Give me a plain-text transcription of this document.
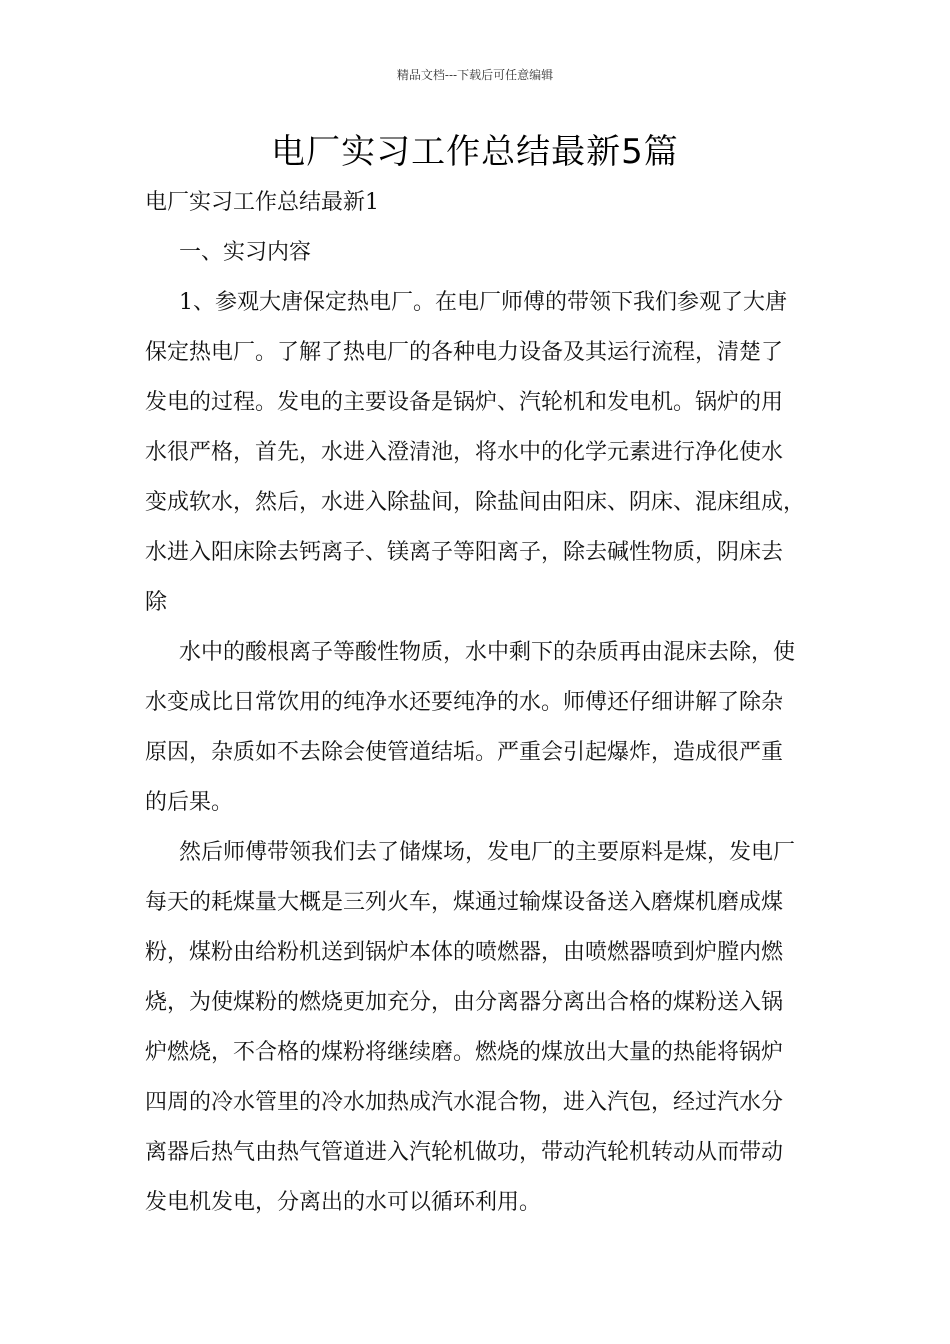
精品文档---下载后可任意编辑
电厂实习工作总结最新5篇
电厂实习工作总结最新1
一、实习内容
1、参观大唐保定热电厂。在电厂师傅的带领下我们参观了大唐
保定热电厂。了解了热电厂的各种电力设备及其运行流程，清楚了
发电的过程。发电的主要设备是锅炉、汽轮机和发电机。锅炉的用
水很严格，首先，水进入澄清池，将水中的化学元素进行净化使水
变成软水，然后，水进入除盐间，除盐间由阳床、阴床、混床组成，
水进入阳床除去钙离子、镁离子等阳离子，除去碱性物质，阴床去
除
水中的酸根离子等酸性物质，水中剩下的杂质再由混床去除，使
水变成比日常饮用的纯净水还要纯净的水。师傅还仔细讲解了除杂
原因，杂质如不去除会使管道结垢。严重会引起爆炸，造成很严重
的后果。
然后师傅带领我们去了储煤场，发电厂的主要原料是煤，发电厂
每天的耗煤量大概是三列火车，煤通过输煤设备送入磨煤机磨成煤
粉，煤粉由给粉机送到锅炉本体的喷燃器，由喷燃器喷到炉膛内燃
烧，为使煤粉的燃烧更加充分，由分离器分离出合格的煤粉送入锅
炉燃烧，不合格的煤粉将继续磨。燃烧的煤放出大量的热能将锅炉
四周的冷水管里的冷水加热成汽水混合物，进入汽包，经过汽水分
离器后热气由热气管道进入汽轮机做功，带动汽轮机转动从而带动
发电机发电，分离出的水可以循环利用。
